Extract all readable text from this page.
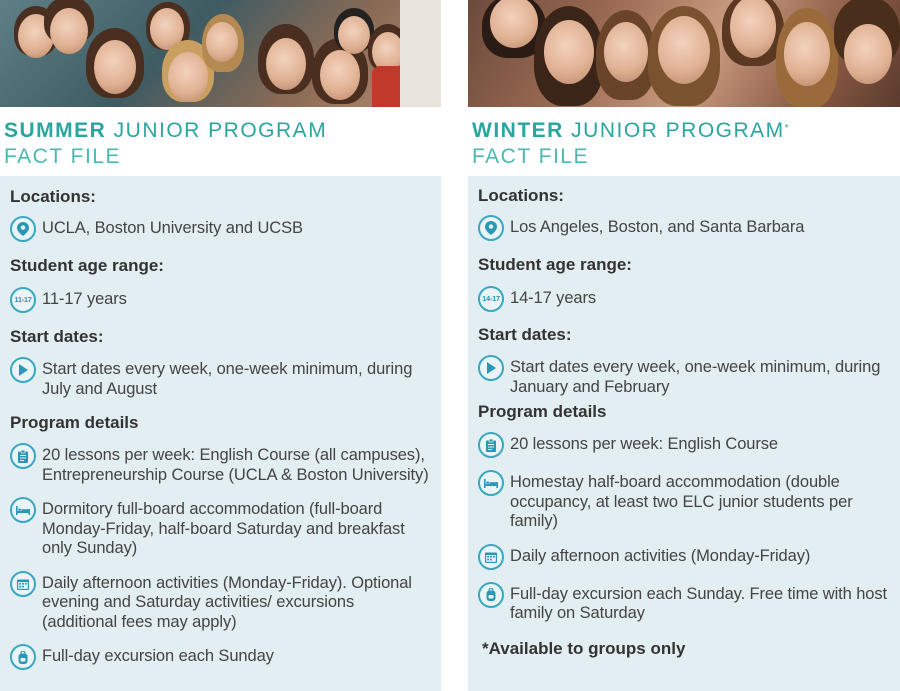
SUMMER JUNIOR PROGRAM
FACT FILE
Locations:
UCLA, Boston University and UCSB
Student age range:
11-17 11-17 years
Start dates:
Start dates every week, one-week minimum, during July and August
Program details
20 lessons per week: English Course (all campuses), Entrepreneurship Course (UCLA & Boston University)
Dormitory full-board accommodation (full-board Monday-Friday, half-board Saturday and breakfast only Sunday)
Daily afternoon activities (Monday-Friday). Optional evening and Saturday activities/ excursions (additional fees may apply)
Full-day excursion each Sunday
WINTER JUNIOR PROGRAM*
FACT FILE
Locations:
Los Angeles, Boston, and Santa Barbara
Student age range:
14-17 14-17 years
Start dates:
Start dates every week, one-week minimum, during January and February
Program details
20 lessons per week: English Course
Homestay half-board accommodation (double occupancy, at least two ELC junior students per family)
Daily afternoon activities (Monday-Friday)
Full-day excursion each Sunday. Free time with host family on Saturday
*Available to groups only
